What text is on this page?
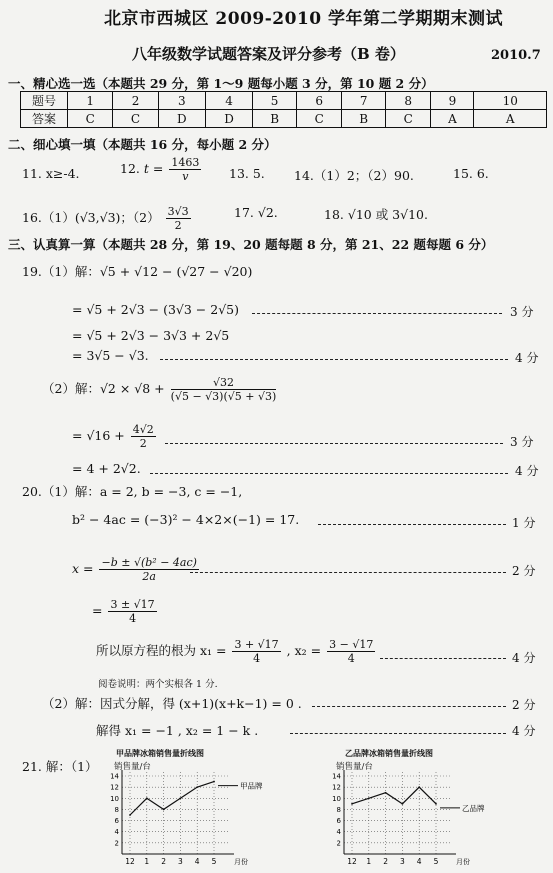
北京市西城区 2009-2010 学年第二学期期末测试
八年级数学试题答案及评分参考（B 卷）	2010.7
一、精心选一选（本题共 29 分，第 1～9 题每小题 3 分，第 10 题 2 分）
题号	1	2	3	4	5	6	7	8	9	10
答案	C	C	D	D	B	C	B	C	A	A
二、细心填一填（本题共 16 分，每小题 2 分）
11. x≥-4.	12. $t = \frac{1463}{v} 13$. 5. 14.（1）2；（2）90.	15. 6.
16.（1）(√3,√3)；$(2) \frac{3√3}{2}$	17. √2.	18. √10 或 3√10.
三、认真算一算（本题共 28 分，第 19、20 题每题 8 分，第 21、22 题每题 6 分）
19.（1）解：√5 + √12 − (√27 − √20)
= √5 + 2√3 − (3√3 − 2√5)	3 分
= √5 + 2√3 − 3√3 + 2√5
= 3√5 − √3.	4 分
（2）解：$√2 \times √8 + \frac{√32}{(√5 - √3)(√5 + √3)}$
= $√16 + \frac{4√2}{2}$	3 分
= 4 + 2√2.	4 分
20.（1）解：a = 2, b = −3, c = −1,
b² − 4ac = (−3)² − 4×2×(−1) = 17.	1 分
$x = \frac{\text{−b ± √(b² − 4ac)}}{2a}$	2 分
= $\frac{3 \pm √17}{4}$
所以原方程的根为 $x_1 = \frac{3 + √17}{4}$ , $x_2 = \frac{3 - √17}{4}$	4 分
阅卷说明：两个实根各 1 分.
（2）解：因式分解，得 (x+1)(x+k−1) = 0 .	2 分
解得 x₁ = −1 , x₂ = 1 − k .	4 分
21. 解：（1）
甲品牌冰箱销售量折线图
销售量/台
2
4
6
8
10
12
14
12 1 2 3 4 5	月份
甲品牌
乙品牌冰箱销售量折线图
销售量/台
2
4
6
8
10
12
14
12 1 2 3 4 5	月份
乙品牌
